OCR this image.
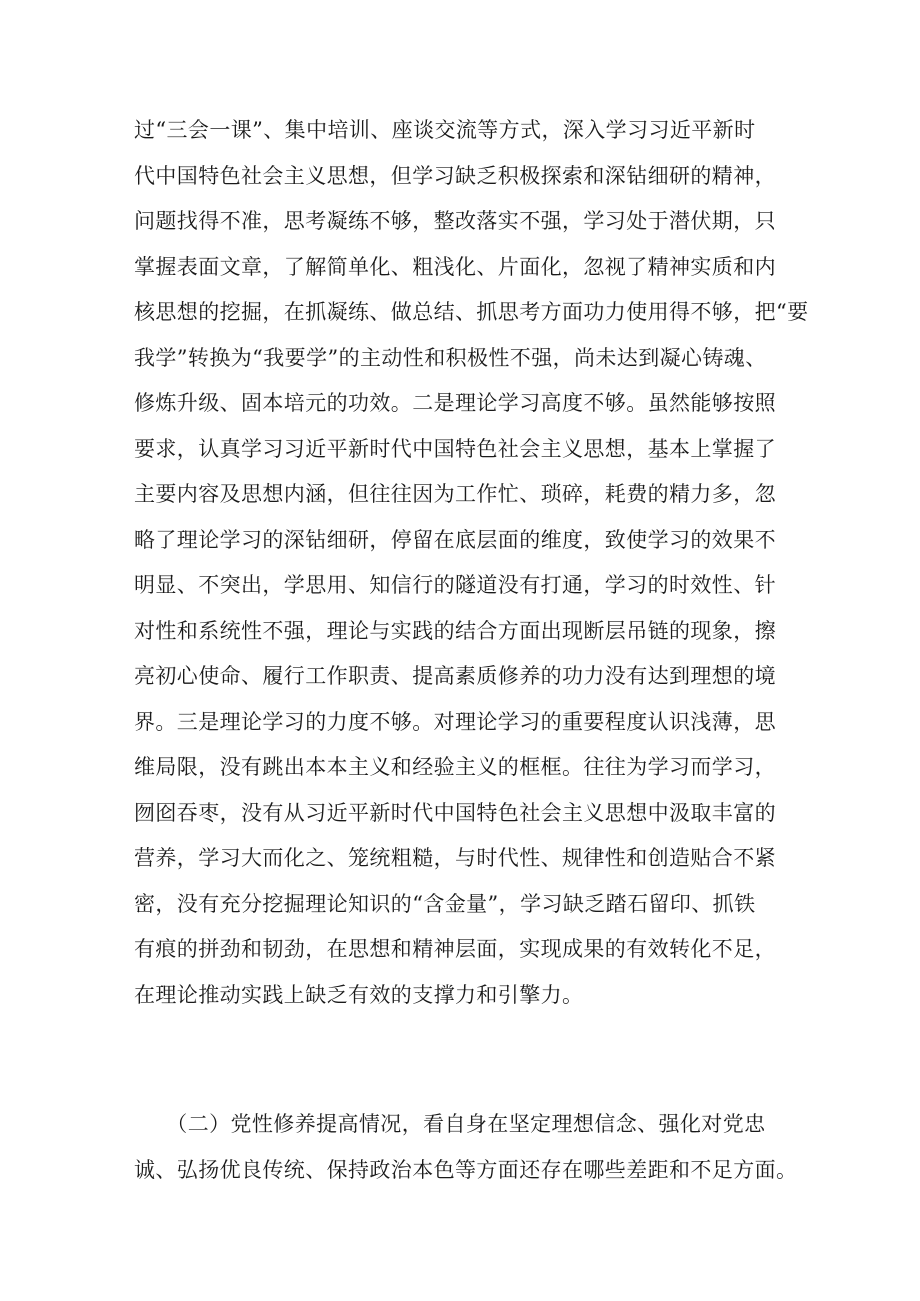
过“三会一课”、集中培训、座谈交流等方式，深入学习习近平新时
代中国特色社会主义思想，但学习缺乏积极探索和深钻细研的精神，
问题找得不准，思考凝练不够，整改落实不强，学习处于潜伏期，只
掌握表面文章，了解简单化、粗浅化、片面化，忽视了精神实质和内
核思想的挖掘，在抓凝练、做总结、抓思考方面功力使用得不够，把“要
我学”转换为“我要学”的主动性和积极性不强，尚未达到凝心铸魂、
修炼升级、固本培元的功效。二是理论学习高度不够。虽然能够按照
要求，认真学习习近平新时代中国特色社会主义思想，基本上掌握了
主要内容及思想内涵，但往往因为工作忙、琐碎，耗费的精力多，忽
略了理论学习的深钻细研，停留在底层面的维度，致使学习的效果不
明显、不突出，学思用、知信行的隧道没有打通，学习的时效性、针
对性和系统性不强，理论与实践的结合方面出现断层吊链的现象，擦
亮初心使命、履行工作职责、提高素质修养的功力没有达到理想的境
界。三是理论学习的力度不够。对理论学习的重要程度认识浅薄，思
维局限，没有跳出本本主义和经验主义的框框。往往为学习而学习，
囫囵吞枣，没有从习近平新时代中国特色社会主义思想中汲取丰富的
营养，学习大而化之、笼统粗糙，与时代性、规律性和创造贴合不紧
密，没有充分挖掘理论知识的“含金量”，学习缺乏踏石留印、抓铁
有痕的拼劲和韧劲，在思想和精神层面，实现成果的有效转化不足，
在理论推动实践上缺乏有效的支撑力和引擎力。
　　（二）党性修养提高情况，看自身在坚定理想信念、强化对党忠
诚、弘扬优良传统、保持政治本色等方面还存在哪些差距和不足方面。
